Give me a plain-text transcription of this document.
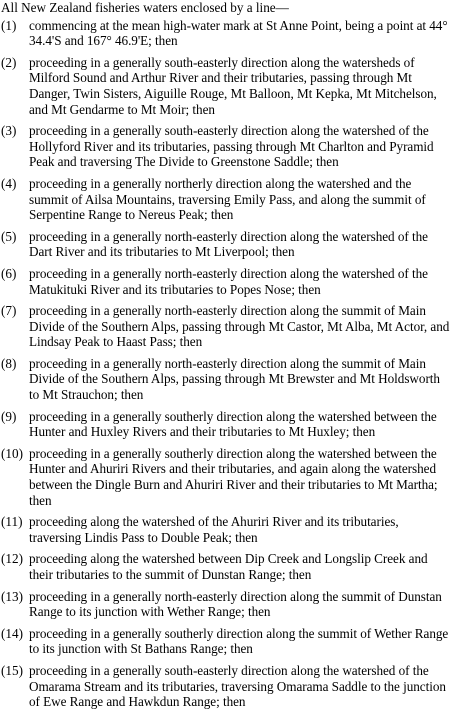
All New Zealand fisheries waters enclosed by a line—
(1) commencing at the mean high-water mark at St Anne Point, being a point at 44° 34.4'S and 167° 46.9'E; then
(2) proceeding in a generally south-easterly direction along the watersheds of Milford Sound and Arthur River and their tributaries, passing through Mt Danger, Twin Sisters, Aiguille Rouge, Mt Balloon, Mt Kepka, Mt Mitchelson, and Mt Gendarme to Mt Moir; then
(3) proceeding in a generally south-easterly direction along the watershed of the Hollyford River and its tributaries, passing through Mt Charlton and Pyramid Peak and traversing The Divide to Greenstone Saddle; then
(4) proceeding in a generally northerly direction along the watershed and the summit of Ailsa Mountains, traversing Emily Pass, and along the summit of Serpentine Range to Nereus Peak; then
(5) proceeding in a generally north-easterly direction along the watershed of the Dart River and its tributaries to Mt Liverpool; then
(6) proceeding in a generally north-easterly direction along the watershed of the Matukituki River and its tributaries to Popes Nose; then
(7) proceeding in a generally north-easterly direction along the summit of Main Divide of the Southern Alps, passing through Mt Castor, Mt Alba, Mt Actor, and Lindsay Peak to Haast Pass; then
(8) proceeding in a generally north-easterly direction along the summit of Main Divide of the Southern Alps, passing through Mt Brewster and Mt Holdsworth to Mt Strauchon; then
(9) proceeding in a generally southerly direction along the watershed between the Hunter and Huxley Rivers and their tributaries to Mt Huxley; then
(10) proceeding in a generally southerly direction along the watershed between the Hunter and Ahuriri Rivers and their tributaries, and again along the watershed between the Dingle Burn and Ahuriri River and their tributaries to Mt Martha; then
(11) proceeding along the watershed of the Ahuriri River and its tributaries, traversing Lindis Pass to Double Peak; then
(12) proceeding along the watershed between Dip Creek and Longslip Creek and their tributaries to the summit of Dunstan Range; then
(13) proceeding in a generally north-easterly direction along the summit of Dunstan Range to its junction with Wether Range; then
(14) proceeding in a generally southerly direction along the summit of Wether Range to its junction with St Bathans Range; then
(15) proceeding in a generally south-easterly direction along the watershed of the Omarama Stream and its tributaries, traversing Omarama Saddle to the junction of Ewe Range and Hawkdun Range; then
